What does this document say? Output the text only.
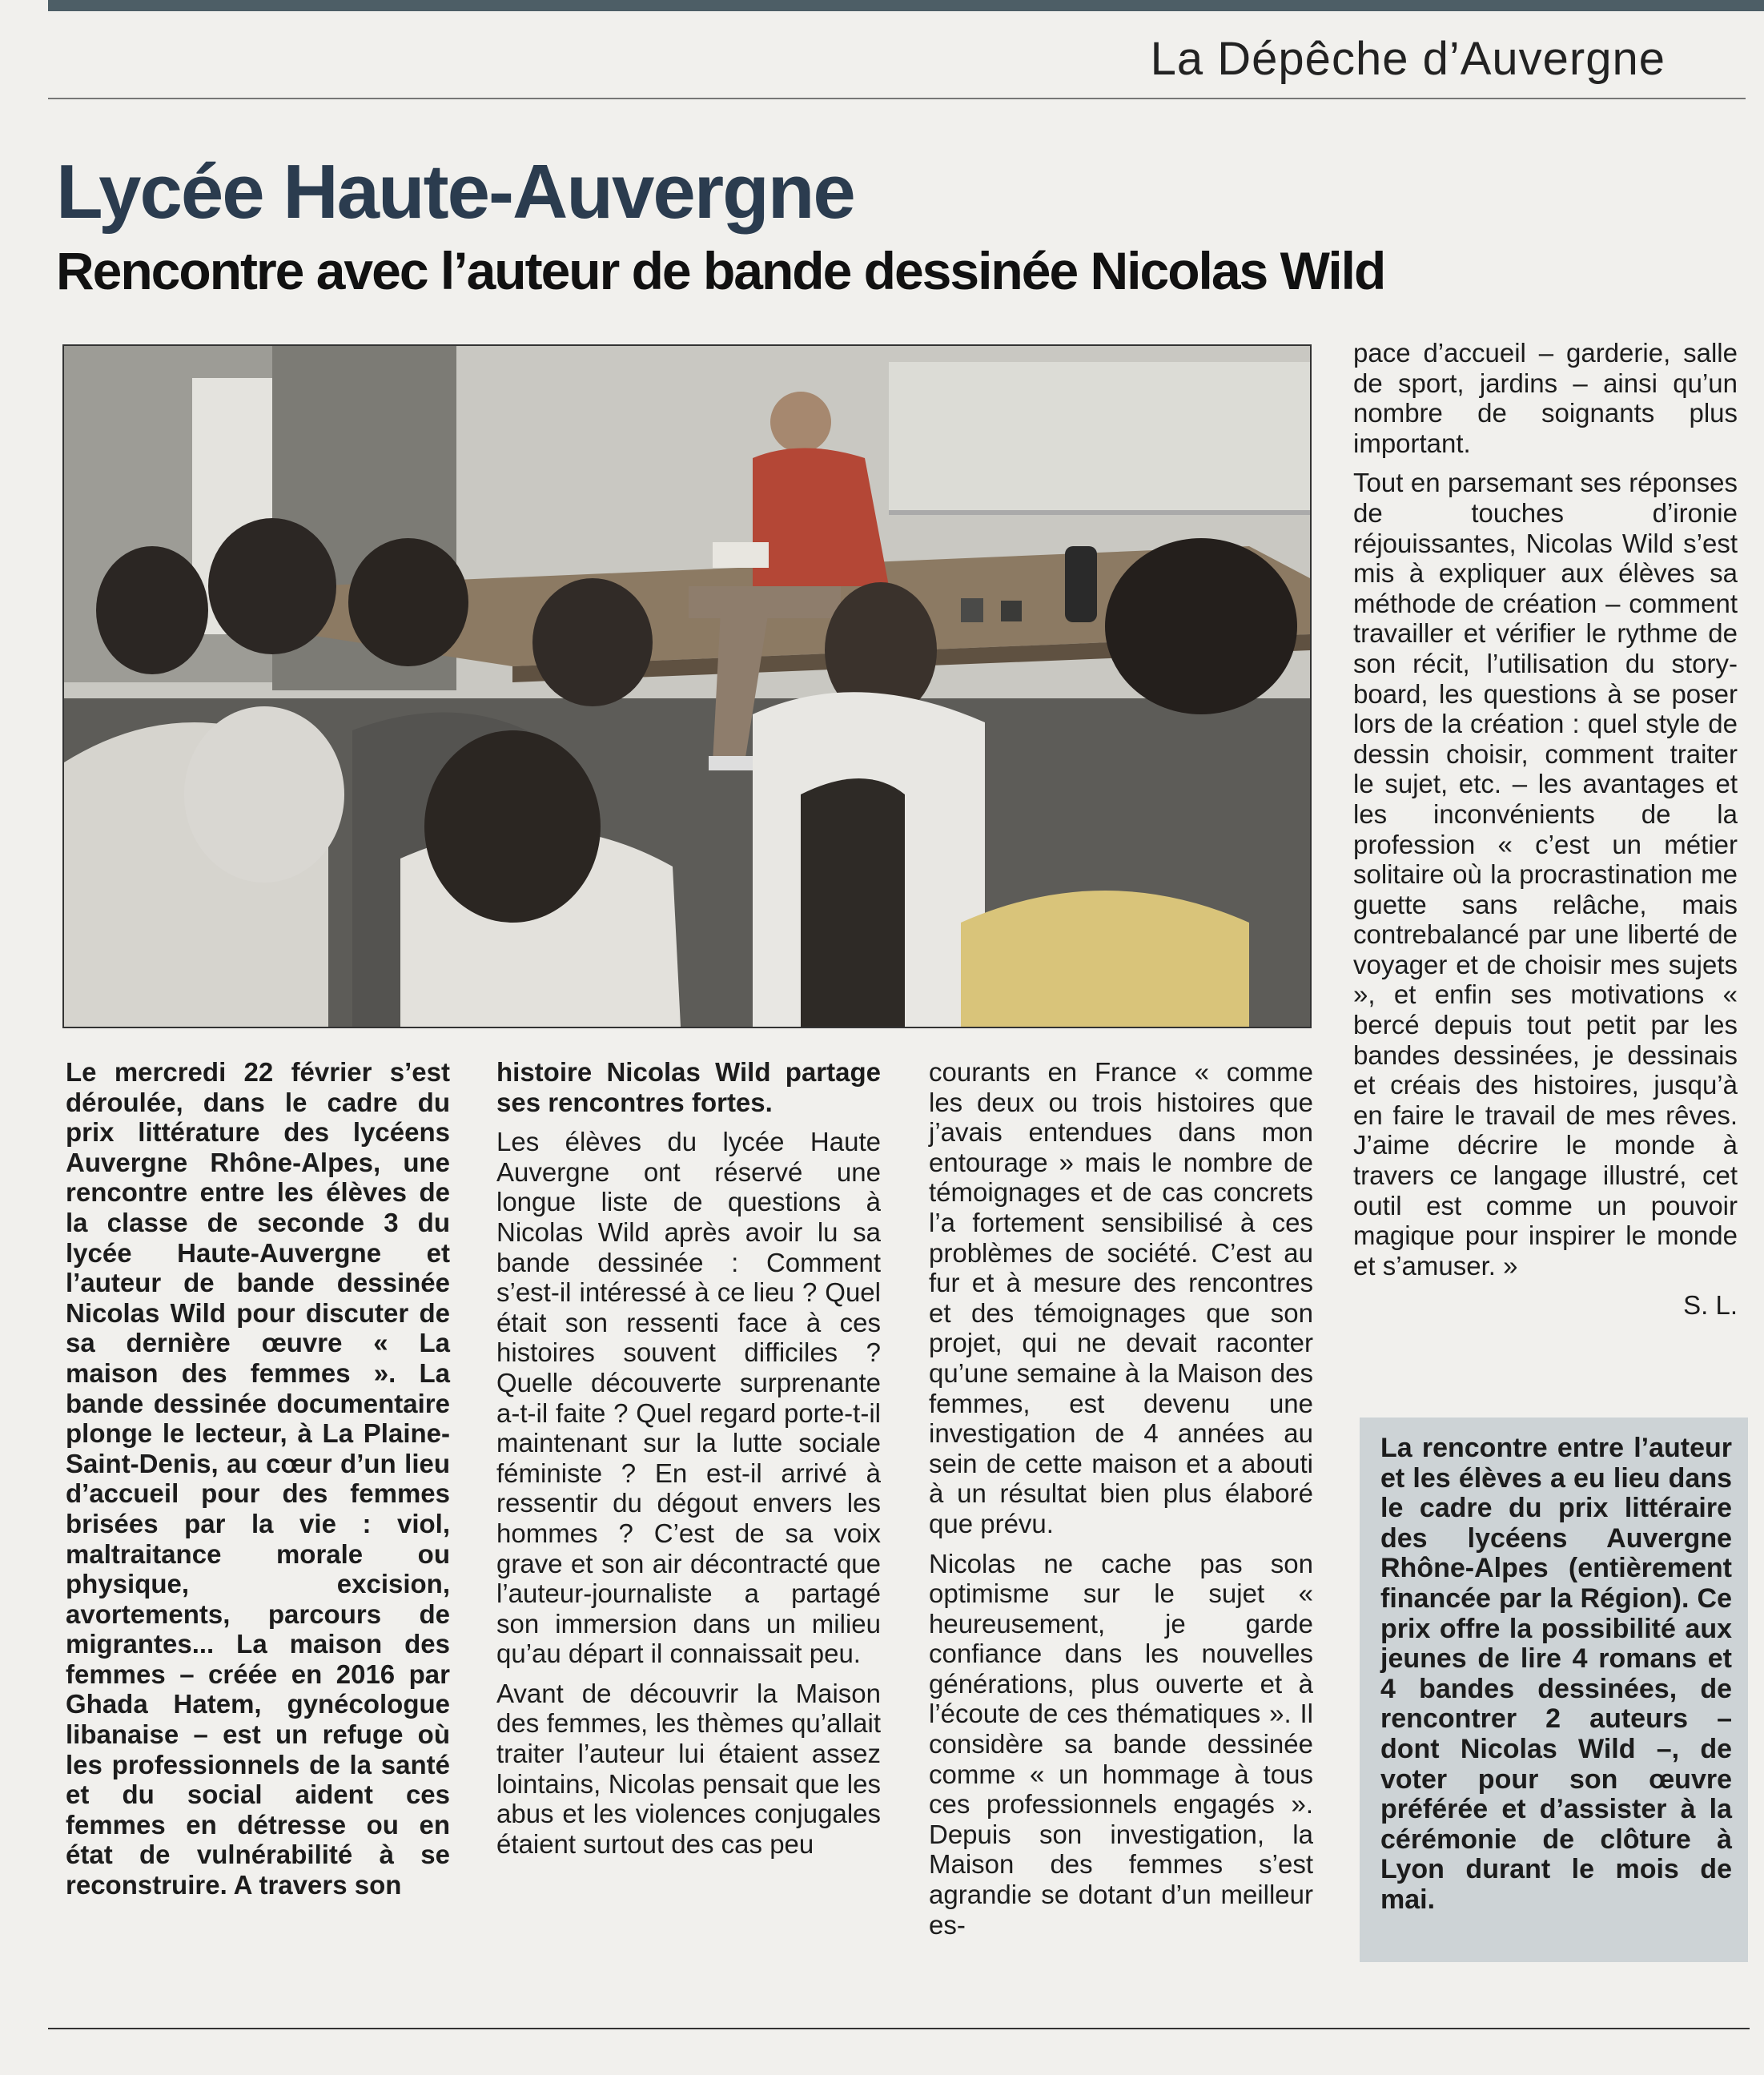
La Dépêche d’Auvergne
Lycée Haute-Auvergne
Rencontre avec l’auteur de bande dessinée Nicolas Wild

Le mercredi 22 février s’est déroulée, dans le cadre du prix littérature des lycéens Auvergne Rhône-Alpes, une rencontre entre les élèves de la classe de seconde 3 du lycée Haute-Auvergne et l’auteur de bande dessinée Nicolas Wild pour discuter de sa dernière œuvre « La maison des femmes ». La bande dessinée documentaire plonge le lecteur, à La Plaine-Saint-Denis, au cœur d’un lieu d’accueil pour des femmes brisées par la vie : viol, maltraitance morale ou physique, excision, avortements, parcours de migrantes... La maison des femmes – créée en 2016 par Ghada Hatem, gynécologue libanaise – est un refuge où les professionnels de la santé et du social aident ces femmes en détresse ou en état de vulnérabilité à se reconstruire. A travers son

histoire Nicolas Wild partage ses rencontres fortes.

Les élèves du lycée Haute Auvergne ont réservé une longue liste de questions à Nicolas Wild après avoir lu sa bande dessinée : Comment s’est-il intéressé à ce lieu ? Quel était son ressenti face à ces histoires souvent difficiles ? Quelle découverte surprenante a-t-il faite ? Quel regard porte-t-il maintenant sur la lutte sociale féministe ? En est-il arrivé à ressentir du dégout envers les hommes ? C’est de sa voix grave et son air décontracté que l’auteur-journaliste a partagé son immersion dans un milieu qu’au départ il connaissait peu.

Avant de découvrir la Maison des femmes, les thèmes qu’allait traiter l’auteur lui étaient assez lointains, Nicolas pensait que les abus et les violences conjugales étaient surtout des cas peu

courants en France « comme les deux ou trois histoires que j’avais entendues dans mon entourage » mais le nombre de témoignages et de cas concrets l’a fortement sensibilisé à ces problèmes de société. C’est au fur et à mesure des rencontres et des témoignages que son projet, qui ne devait raconter qu’une semaine à la Maison des femmes, est devenu une investigation de 4 années au sein de cette maison et a abouti à un résultat bien plus élaboré que prévu.

Nicolas ne cache pas son optimisme sur le sujet « heureusement, je garde confiance dans les nouvelles générations, plus ouverte et à l’écoute de ces thématiques ». Il considère sa bande dessinée comme « un hommage à tous ces professionnels engagés ». Depuis son investigation, la Maison des femmes s’est agrandie se dotant d’un meilleur es-

pace d’accueil – garderie, salle de sport, jardins – ainsi qu’un nombre de soignants plus important.

Tout en parsemant ses réponses de touches d’ironie réjouissantes, Nicolas Wild s’est mis à expliquer aux élèves sa méthode de création – comment travailler et vérifier le rythme de son récit, l’utilisation du story-board, les questions à se poser lors de la création : quel style de dessin choisir, comment traiter le sujet, etc. – les avantages et les inconvénients de la profession « c’est un métier solitaire où la procrastination me guette sans relâche, mais contrebalancé par une liberté de voyager et de choisir mes sujets », et enfin ses motivations « bercé depuis tout petit par les bandes dessinées, je dessinais et créais des histoires, jusqu’à en faire le travail de mes rêves. J’aime décrire le monde à travers ce langage illustré, cet outil est comme un pouvoir magique pour inspirer le monde et s’amuser. »

S. L.

La rencontre entre l’auteur et les élèves a eu lieu dans le cadre du prix littéraire des lycéens Auvergne Rhône-Alpes (entièrement financée par la Région). Ce prix offre la possibilité aux jeunes de lire 4 romans et 4 bandes dessinées, de rencontrer 2 auteurs – dont Nicolas Wild –, de voter pour son œuvre préférée et d’assister à la cérémonie de clôture à Lyon durant le mois de mai.
